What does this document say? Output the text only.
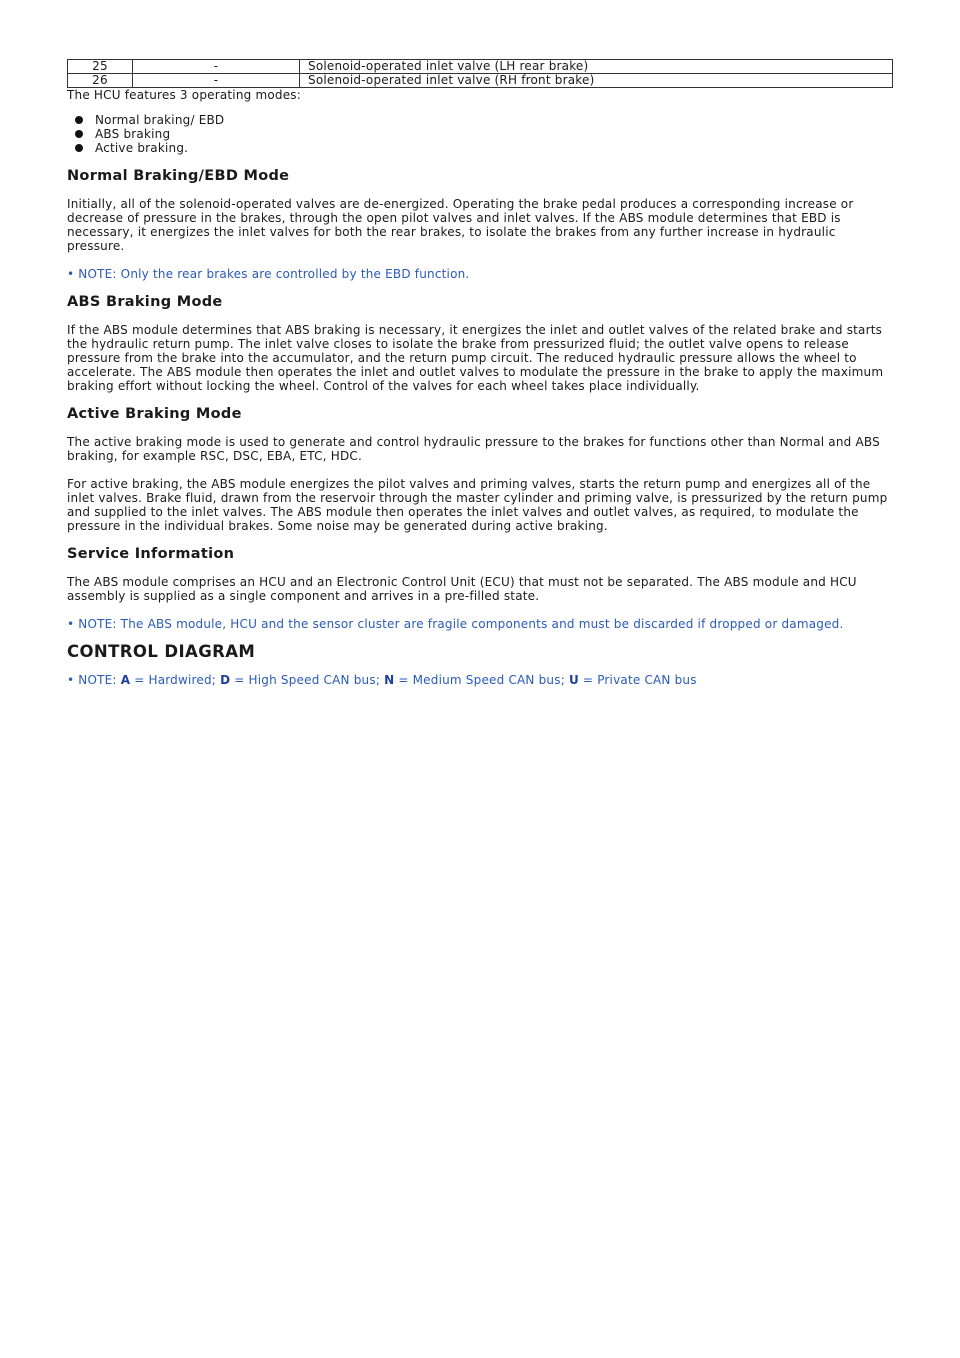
25	-	Solenoid-operated inlet valve (LH rear brake)
26	-	Solenoid-operated inlet valve (RH front brake)

The HCU features 3 operating modes:

Normal braking/ EBD
ABS braking
Active braking.
Normal Braking/EBD Mode

Initially, all of the solenoid-operated valves are de-energized. Operating the brake pedal produces a corresponding increase or decrease of pressure in the brakes, through the open pilot valves and inlet valves. If the ABS module determines that EBD is necessary, it energizes the inlet valves for both the rear brakes, to isolate the brakes from any further increase in hydraulic pressure.

• NOTE: Only the rear brakes are controlled by the EBD function.

ABS Braking Mode

If the ABS module determines that ABS braking is necessary, it energizes the inlet and outlet valves of the related brake and starts the hydraulic return pump. The inlet valve closes to isolate the brake from pressurized fluid; the outlet valve opens to release pressure from the brake into the accumulator, and the return pump circuit. The reduced hydraulic pressure allows the wheel to accelerate. The ABS module then operates the inlet and outlet valves to modulate the pressure in the brake to apply the maximum braking effort without locking the wheel. Control of the valves for each wheel takes place individually.

Active Braking Mode

The active braking mode is used to generate and control hydraulic pressure to the brakes for functions other than Normal and ABS braking, for example RSC, DSC, EBA, ETC, HDC.

For active braking, the ABS module energizes the pilot valves and priming valves, starts the return pump and energizes all of the inlet valves. Brake fluid, drawn from the reservoir through the master cylinder and priming valve, is pressurized by the return pump and supplied to the inlet valves. The ABS module then operates the inlet valves and outlet valves, as required, to modulate the pressure in the individual brakes. Some noise may be generated during active braking.

Service Information

The ABS module comprises an HCU and an Electronic Control Unit (ECU) that must not be separated. The ABS module and HCU assembly is supplied as a single component and arrives in a pre-filled state.

• NOTE: The ABS module, HCU and the sensor cluster are fragile components and must be discarded if dropped or damaged.

CONTROL DIAGRAM

• NOTE: A = Hardwired; D = High Speed CAN bus; N = Medium Speed CAN bus; U = Private CAN bus
